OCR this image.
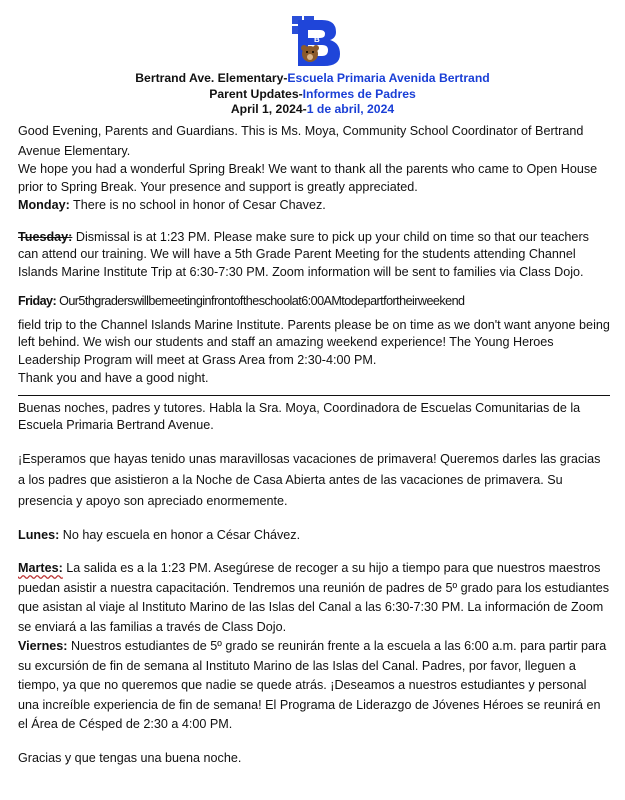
B
Bertrand Ave. Elementary-Escuela Primaria Avenida Bertrand
Parent Updates-Informes de Padres
April 1, 2024-1 de abril, 2024

Good Evening, Parents and Guardians. This is Ms. Moya, Community School Coordinator of Bertrand Avenue Elementary.

We hope you had a wonderful Spring Break! We want to thank all the parents who came to Open House prior to Spring Break. Your presence and support is greatly appreciated.

Monday: There is no school in honor of Cesar Chavez.

Tuesday: Dismissal is at 1:23 PM. Please make sure to pick up your child on time so that our teachers can attend our training. We will have a 5th Grade Parent Meeting for the students attending Channel Islands Marine Institute Trip at 6:30-7:30 PM. Zoom information will be sent to families via Class Dojo.

Friday: Our5thgraderswillbemeetinginfrontoftheschoolat6:00AMtodepartfortheirweekend

field trip to the Channel Islands Marine Institute. Parents please be on time as we don't want anyone being left behind. We wish our students and staff an amazing weekend experience! The Young Heroes Leadership Program will meet at Grass Area from 2:30-4:00 PM.

Thank you and have a good night.

Buenas noches, padres y tutores. Habla la Sra. Moya, Coordinadora de Escuelas Comunitarias de la Escuela Primaria Bertrand Avenue.

¡Esperamos que hayas tenido unas maravillosas vacaciones de primavera! Queremos darles las gracias a los padres que asistieron a la Noche de Casa Abierta antes de las vacaciones de primavera. Su presencia y apoyo son apreciado enormemente.

Lunes: No hay escuela en honor a César Chávez.

Martes: La salida es a la 1:23 PM. Asegúrese de recoger a su hijo a tiempo para que nuestros maestros puedan asistir a nuestra capacitación. Tendremos una reunión de padres de 5º grado para los estudiantes que asistan al viaje al Instituto Marino de las Islas del Canal a las 6:30-7:30 PM. La información de Zoom se enviará a las familias a través de Class Dojo.

Viernes: Nuestros estudiantes de 5º grado se reunirán frente a la escuela a las 6:00 a.m. para partir para su excursión de fin de semana al Instituto Marino de las Islas del Canal. Padres, por favor, lleguen a tiempo, ya que no queremos que nadie se quede atrás. ¡Deseamos a nuestros estudiantes y personal una increíble experiencia de fin de semana! El Programa de Liderazgo de Jóvenes Héroes se reunirá en el Área de Césped de 2:30 a 4:00 PM.

Gracias y que tengas una buena noche.
